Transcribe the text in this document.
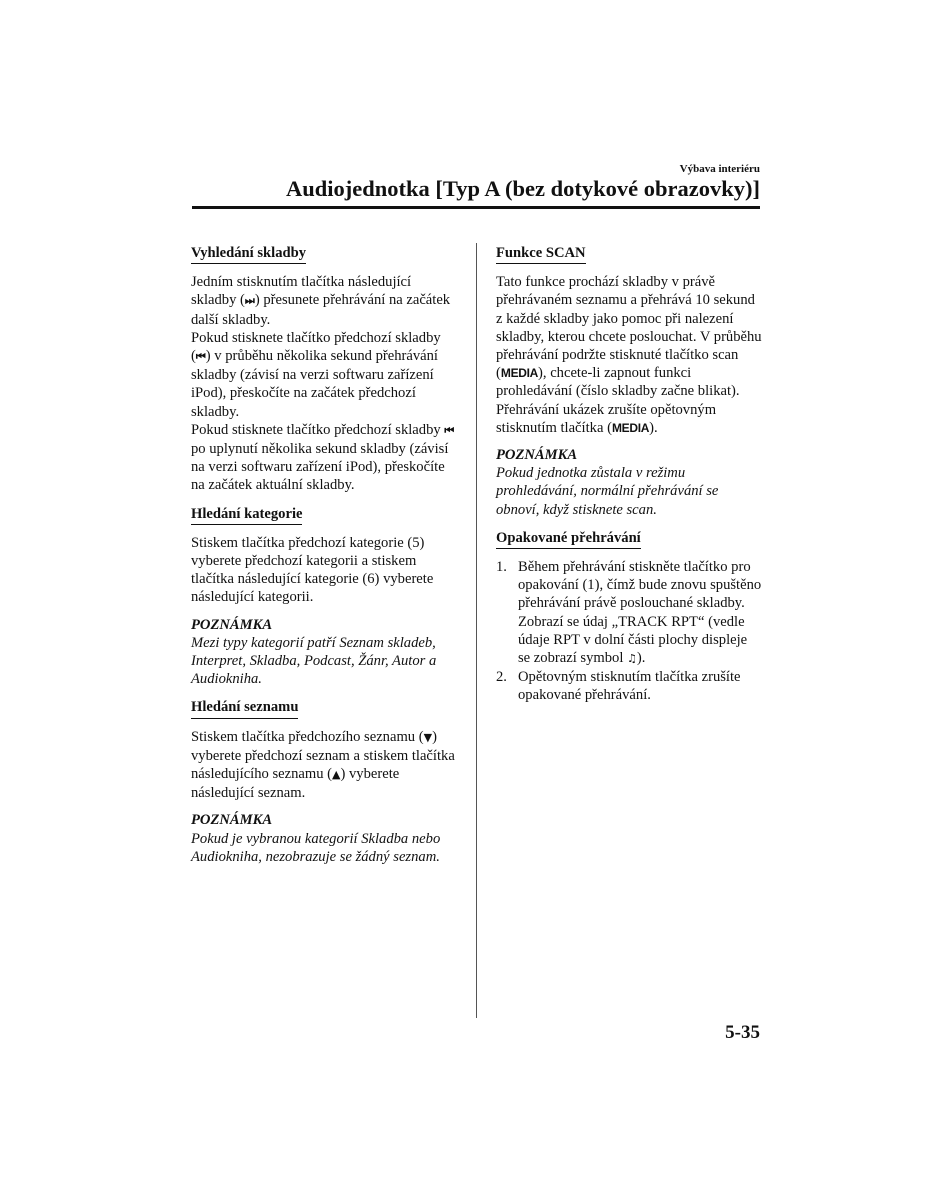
Výbava interiéru
Audiojednotka [Typ A (bez dotykové obrazovky)]
Vyhledání skladby

Jedním stisknutím tlačítka následující skladby (⏭) přesunete přehrávání na začátek další skladby.

Pokud stisknete tlačítko předchozí skladby (⏮) v průběhu několika sekund přehrávání skladby (závisí na verzi softwaru zařízení iPod), přeskočíte na začátek předchozí skladby.

Pokud stisknete tlačítko předchozí skladby ⏮ po uplynutí několika sekund skladby (závisí na verzi softwaru zařízení iPod), přeskočíte na začátek aktuální skladby.

Hledání kategorie

Stiskem tlačítka předchozí kategorie (5) vyberete předchozí kategorii a stiskem tlačítka následující kategorie (6) vyberete následující kategorii.

POZNÁMKA

Mezi typy kategorií patří Seznam skladeb, Interpret, Skladba, Podcast, Žánr, Autor a Audiokniha.

Hledání seznamu

Stiskem tlačítka předchozího seznamu (▼) vyberete předchozí seznam a stiskem tlačítka následujícího seznamu (▲) vyberete následující seznam.

POZNÁMKA

Pokud je vybranou kategorií Skladba nebo Audiokniha, nezobrazuje se žádný seznam.

Funkce SCAN

Tato funkce prochází skladby v právě přehrávaném seznamu a přehrává 10 sekund z každé skladby jako pomoc při nalezení skladby, kterou chcete poslouchat. V průběhu přehrávání podržte stisknuté tlačítko scan (MEDIA), chcete-li zapnout funkci prohledávání (číslo skladby začne blikat). Přehrávání ukázek zrušíte opětovným stisknutím tlačítka (MEDIA).

POZNÁMKA

Pokud jednotka zůstala v režimu prohledávání, normální přehrávání se obnoví, když stisknete scan.

Opakované přehrávání
1. Během přehrávání stiskněte tlačítko pro opakování (1), čímž bude znovu spuštěno přehrávání právě poslouchané skladby. Zobrazí se údaj „TRACK RPT“ (vedle údaje RPT v dolní části plochy displeje se zobrazí symbol ♫).
2. Opětovným stisknutím tlačítka zrušíte opakované přehrávání.
5-35
